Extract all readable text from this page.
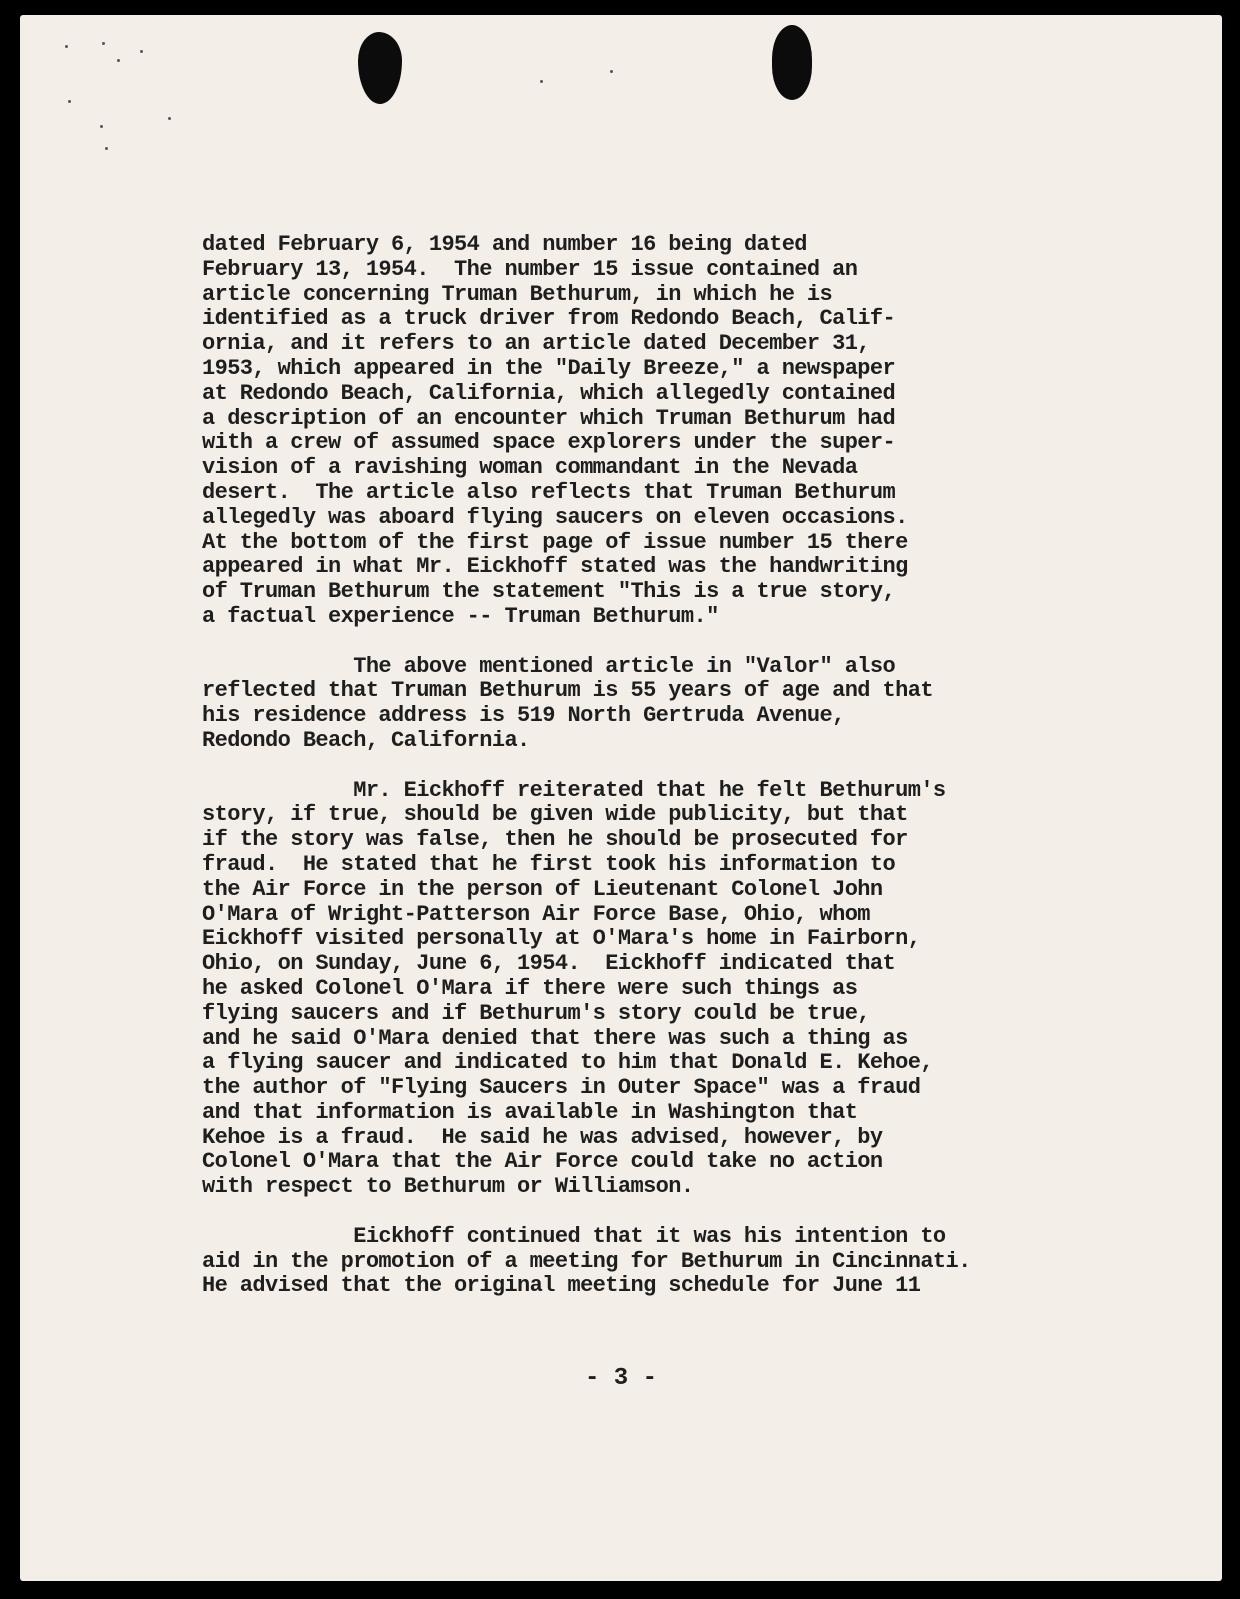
dated February 6, 1954 and number 16 being dated
February 13, 1954.  The number 15 issue contained an
article concerning Truman Bethurum, in which he is
identified as a truck driver from Redondo Beach, Calif-
ornia, and it refers to an article dated December 31,
1953, which appeared in the "Daily Breeze," a newspaper
at Redondo Beach, California, which allegedly contained
a description of an encounter which Truman Bethurum had
with a crew of assumed space explorers under the super-
vision of a ravishing woman commandant in the Nevada
desert.  The article also reflects that Truman Bethurum
allegedly was aboard flying saucers on eleven occasions.
At the bottom of the first page of issue number 15 there
appeared in what Mr. Eickhoff stated was the handwriting
of Truman Bethurum the statement "This is a true story,
a factual experience -- Truman Bethurum."

The above mentioned article in "Valor" also
reflected that Truman Bethurum is 55 years of age and that
his residence address is 519 North Gertruda Avenue,
Redondo Beach, California.

Mr. Eickhoff reiterated that he felt Bethurum's
story, if true, should be given wide publicity, but that
if the story was false, then he should be prosecuted for
fraud.  He stated that he first took his information to
the Air Force in the person of Lieutenant Colonel John
O'Mara of Wright-Patterson Air Force Base, Ohio, whom
Eickhoff visited personally at O'Mara's home in Fairborn,
Ohio, on Sunday, June 6, 1954.  Eickhoff indicated that
he asked Colonel O'Mara if there were such things as
flying saucers and if Bethurum's story could be true,
and he said O'Mara denied that there was such a thing as
a flying saucer and indicated to him that Donald E. Kehoe,
the author of "Flying Saucers in Outer Space" was a fraud
and that information is available in Washington that
Kehoe is a fraud.  He said he was advised, however, by
Colonel O'Mara that the Air Force could take no action
with respect to Bethurum or Williamson.

Eickhoff continued that it was his intention to
aid in the promotion of a meeting for Bethurum in Cincinnati.
He advised that the original meeting schedule for June 11

- 3 -
